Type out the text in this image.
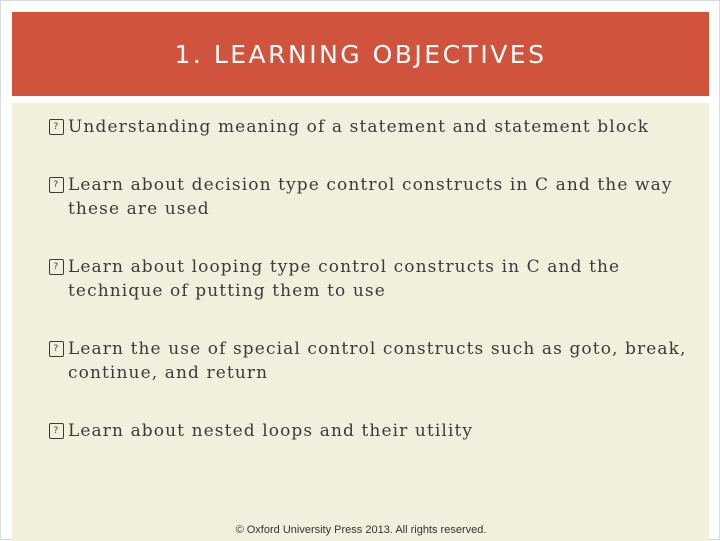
1. LEARNING OBJECTIVES
? Understanding meaning of a statement and statement block
? Learn about decision type control constructs in C and the way these are used
? Learn about looping type control constructs in C and the technique of putting them to use
? Learn the use of special control constructs such as goto, break, continue, and return
? Learn about nested loops and their utility
© Oxford University Press 2013. All rights reserved.
